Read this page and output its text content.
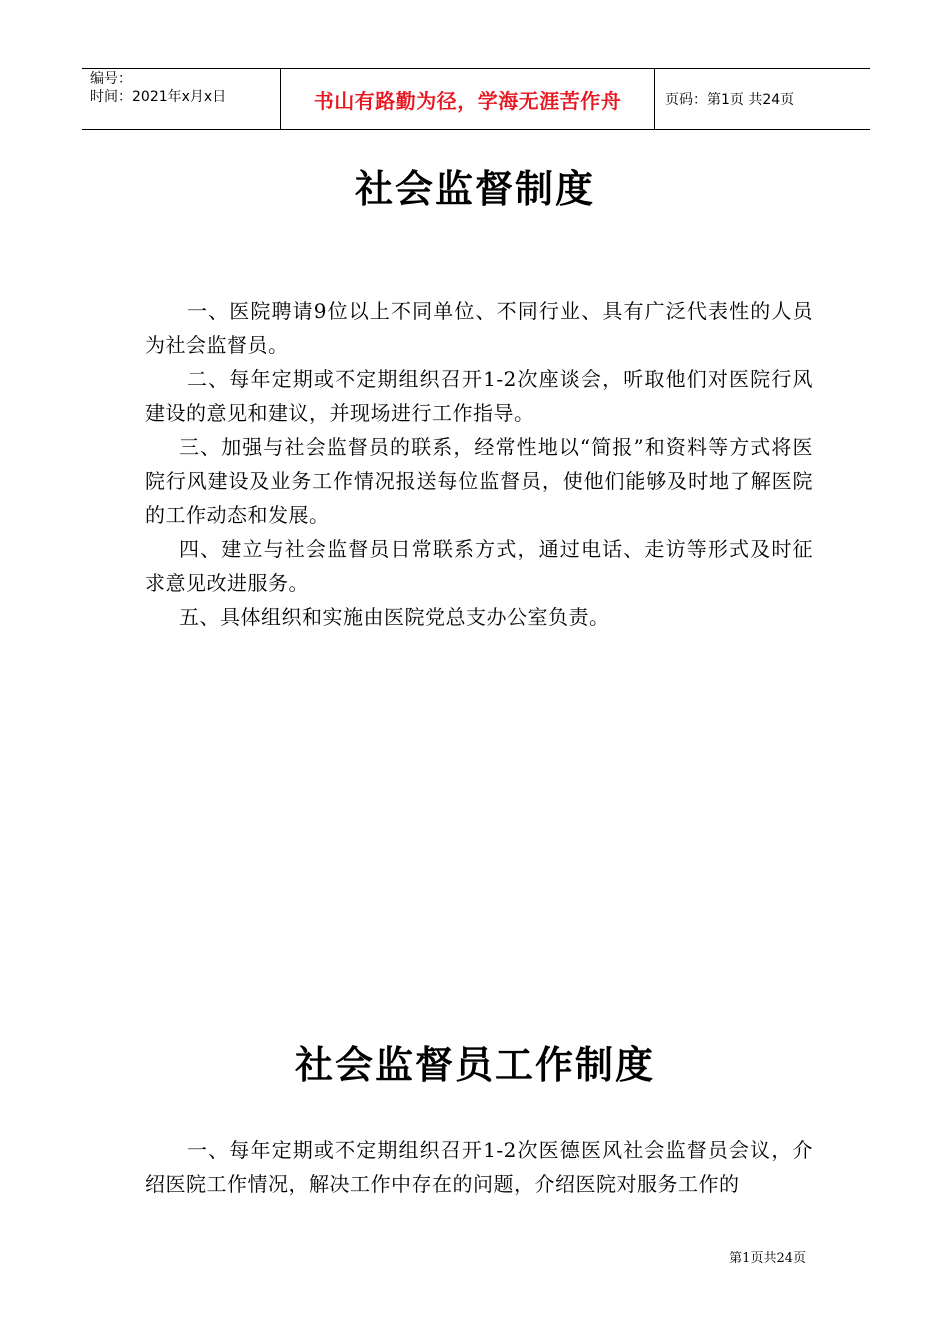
编号：
时间：2021年x月x日	书山有路勤为径，学海无涯苦作舟	页码：第1页 共24页
社会监督制度

一、医院聘请9位以上不同单位、不同行业、具有广泛代表性的人员为社会监督员。

二、每年定期或不定期组织召开1-2次座谈会，听取他们对医院行风建设的意见和建议，并现场进行工作指导。

三、加强与社会监督员的联系，经常性地以“简报”和资料等方式将医院行风建设及业务工作情况报送每位监督员，使他们能够及时地了解医院的工作动态和发展。

四、建立与社会监督员日常联系方式，通过电话、走访等形式及时征求意见改进服务。

五、具体组织和实施由医院党总支办公室负责。

社会监督员工作制度

一、每年定期或不定期组织召开1-2次医德医风社会监督员会议，介绍医院工作情况，解决工作中存在的问题，介绍医院对服务工作的

第1页共24页
